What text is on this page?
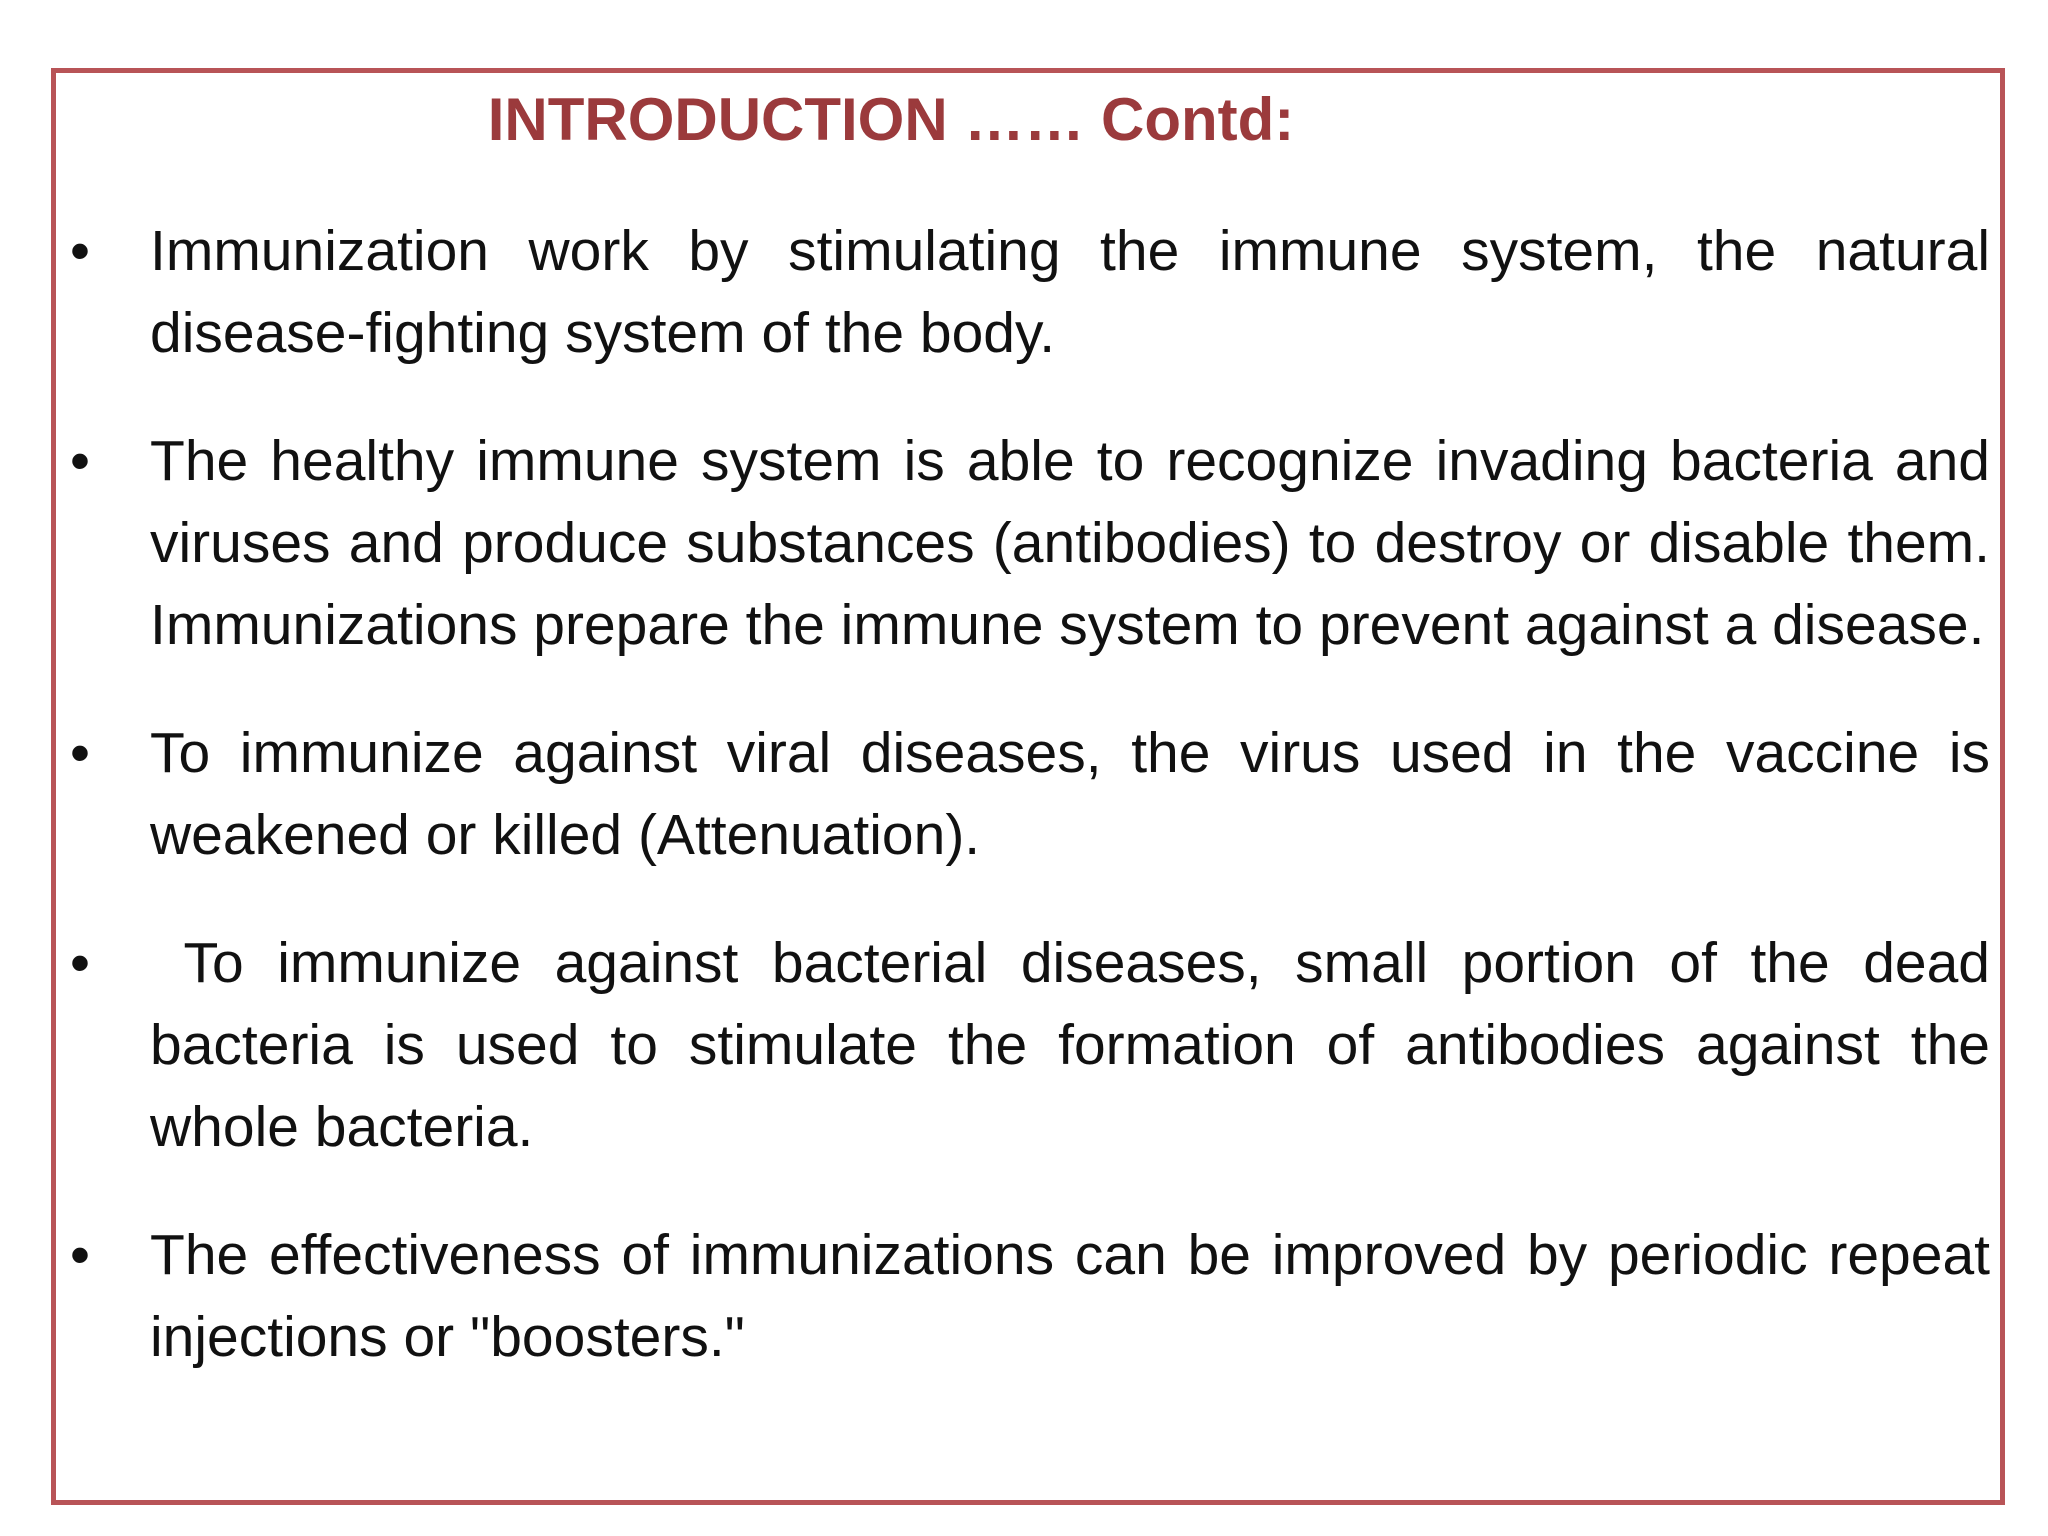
INTRODUCTION …… Contd:
•	Immunization work by stimulating the immune system, the natural disease-fighting system of the body.
•	The healthy immune system is able to recognize invading bacteria and viruses and produce substances (antibodies) to destroy or disable them. Immunizations prepare the immune system to prevent against a disease.
•	To immunize against viral diseases, the virus used in the vaccine is weakened or killed (Attenuation).
•	To immunize against bacterial diseases, small portion of the dead bacteria is used to stimulate the formation of antibodies against the whole bacteria.
•	The effectiveness of immunizations can be improved by periodic repeat injections or "boosters."
